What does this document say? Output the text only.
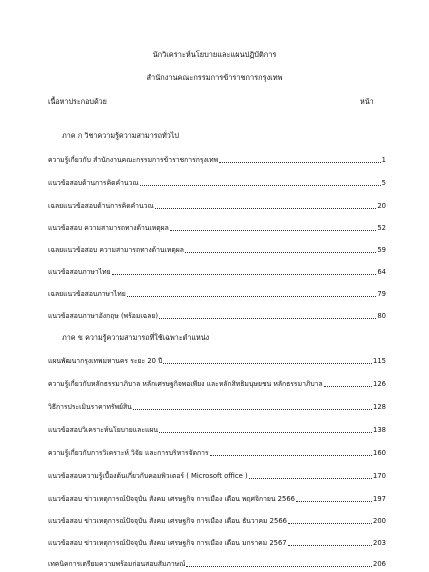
นักวิเคราะห์นโยบายและแผนปฏิบัติการ
สำนักงานคณะกรรมการข้าราชการกรุงเทพ
เนื้อหาประกอบด้วย	หน้า
ภาค ก วิชาความรู้ความสามารถทั่วไป
ความรู้เกี่ยวกับ สำนักงานคณะกรรมการข้าราชการกรุงเทพ	1
แนวข้อสอบด้านการคิดคำนวณ	5
เฉลยแนวข้อสอบด้านการคิดคำนวณ	20
แนวข้อสอบ ความสามารถทางด้านเหตุผล	52
เฉลยแนวข้อสอบ ความสามารถทางด้านเหตุผล	59
แนวข้อสอบภาษาไทย	64
เฉลยแนวข้อสอบภาษาไทย	79
แนวข้อสอบภาษาอังกฤษ (พร้อมเฉลย)	80
ภาค ข ความรู้ความสามารถที่ใช้เฉพาะตำแหน่ง
แผนพัฒนากรุงเทพมหานคร ระยะ 20 ปี	115
ความรู้เกี่ยวกับหลักธรรมาภิบาล หลักเศรษฐกิจพอเพียง และหลักสิทธิมนุษยชน หลักธรรมาภิบาล	126
วิธีการประเมินราคาทรัพย์สิน	128
แนวข้อสอบวิเคราะห์นโยบายและแผน	138
ความรู้เกี่ยวกับการวิเคราะห์ วิจัย และการบริหารจัดการ	160
แนวข้อสอบความรู้เบื้องต้นเกี่ยวกับคอมพิวเตอร์ ( Microsoft office )	170
แนวข้อสอบ ข่าวเหตุการณ์ปัจจุบัน สังคม เศรษฐกิจ การเมือง เดือน พฤศจิกายน 2566	197
แนวข้อสอบ ข่าวเหตุการณ์ปัจจุบัน สังคม เศรษฐกิจ การเมือง เดือน ธันวาคม 2566	200
แนวข้อสอบ ข่าวเหตุการณ์ปัจจุบัน สังคม เศรษฐกิจ การเมือง เดือน มกราคม 2567	203
เทคนิคการเตรียมความพร้อมก่อนสอบสัมภาษณ์	206
